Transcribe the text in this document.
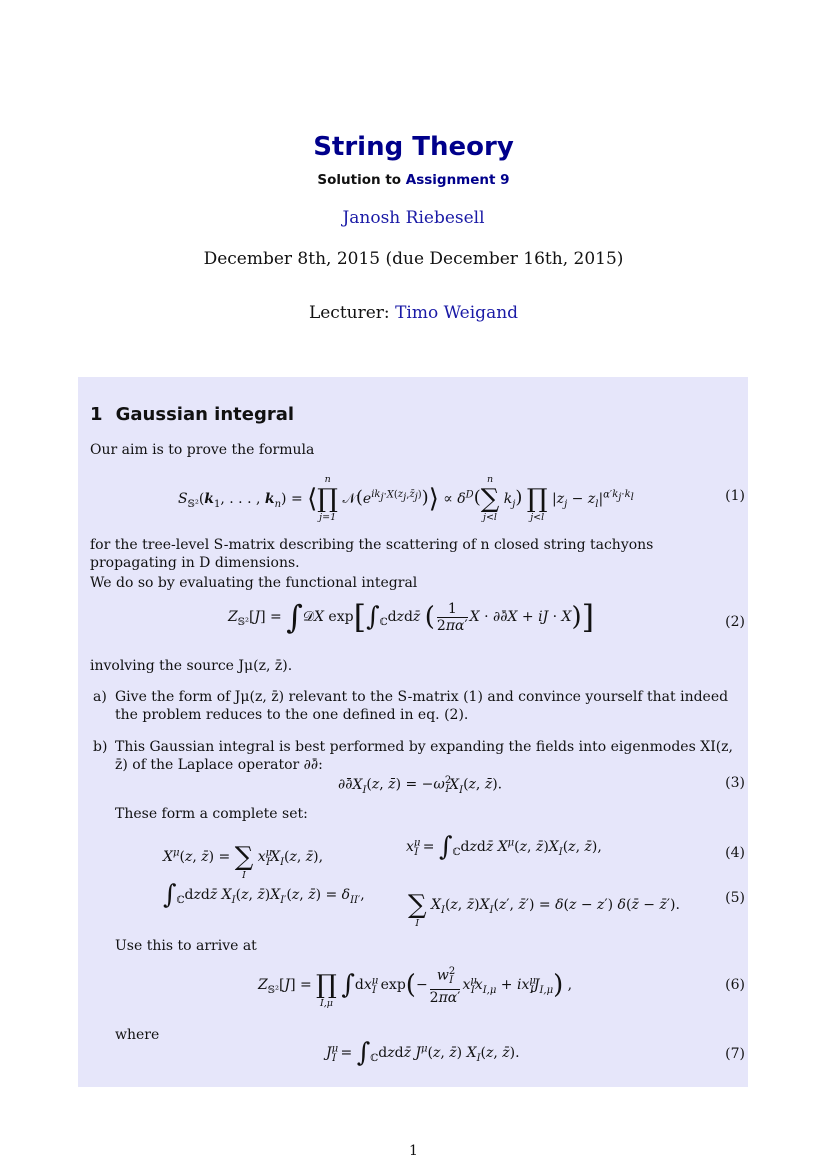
String Theory
Solution to Assignment 9
Janosh Riebesell
December 8th, 2015 (due December 16th, 2015)
Lecturer: Timo Weigand
1 Gaussian integral
Our aim is to prove the formula
$S_{𝕊^2}(k_1$, . . . , $k_n$) = ⟨
n
∏
j=1
$𝒩(e^{ik_j\cdot X(z_j,z̄_j)})⟩ \propto \delta^D$(
n
∑
j<l
$k_j$)
∏
j<l
$|z_j - z_l|^{\alpha'k_j\cdot k_l}$	(1)
for the tree-level S-matrix describing the scattering of n closed string tachyons propagating in D dimensions.
We do so by evaluating the functional integral
$Z_{𝕊^2}[J]$ = ∫𝒟X $\exp[\int_ℂdzdz̄$ ( $\frac{1}{2\pi\alpha'}$ X · ∂∂̄X + iJ · X)]	(2)
involving the source Jμ(z, z̄).
a) Give the form of Jμ(z, z̄) relevant to the S-matrix (1) and convince yourself that indeed the problem reduces to the one defined in eq. (2).
b) This Gaussian integral is best performed by expanding the fields into eigenmodes XI(z, z̄) of the Laplace operator ∂∂̄:
$\partial\partial̄X_I(z$, z̄) = $-\omega^2_IX_I(z$, z̄).	(3)
These form a complete set:
$X^\mu(z$, z̄) =
∑
I
$x^\mu_IX_I(z$, z̄),
$x^\mu_I$ = $\int_ℂdzdz̄$ $X^\mu(z$, $z̄)X_I(z$, z̄),	(4)
$\int_ℂdzdz̄$ $X_I(z$, $z̄)X_{I'}(z$, z̄) = $\delta_{II'}$,
∑
I
$X_I(z$, $z̄)X_I(z'$, z̄′) = δ(z − z′) δ(z̄ − z̄′).	(5)
Use this to arrive at
$Z_{𝕊^2}[J]$ =
∏
I,μ
$\int dx^\mu_I$ $\exp(- \frac{w^2_I}{2\pi\alpha'} x^\mu_Ix_{I,\mu} + ix^\mu_IJ_{I,\mu})$ ,	(6)
where
$J^\mu_I$ = $\int_ℂdzdz̄$ $J^\mu(z$, z̄) $X_I(z$, z̄).	(7)
1
